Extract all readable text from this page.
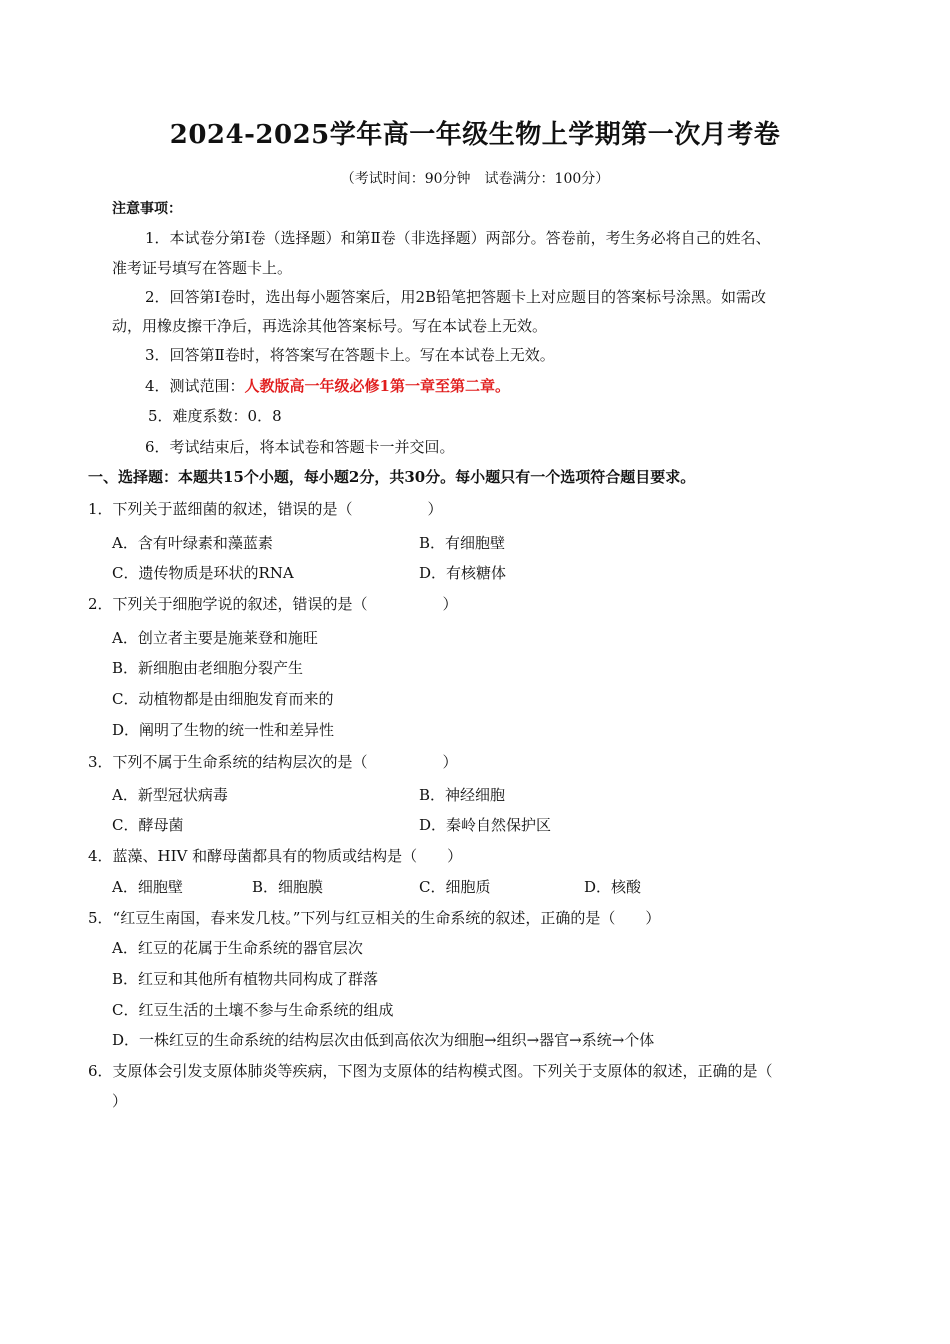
2024-2025学年高一年级生物上学期第一次月考卷
（考试时间：90分钟　试卷满分：100分）
注意事项：
1．本试卷分第Ⅰ卷（选择题）和第Ⅱ卷（非选择题）两部分。答卷前，考生务必将自己的姓名、
准考证号填写在答题卡上。
2．回答第Ⅰ卷时，选出每小题答案后，用2B铅笔把答题卡上对应题目的答案标号涂黑。如需改
动，用橡皮擦干净后，再选涂其他答案标号。写在本试卷上无效。
3．回答第Ⅱ卷时，将答案写在答题卡上。写在本试卷上无效。
4．测试范围：人教版高一年级必修1第一章至第二章。
5．难度系数：0．8
6．考试结束后，将本试卷和答题卡一并交回。
一、选择题：本题共15个小题，每小题2分，共30分。每小题只有一个选项符合题目要求。
1．下列关于蓝细菌的叙述，错误的是（　　　　　）
A．含有叶绿素和藻蓝素	B．有细胞壁
C．遗传物质是环状的RNA	D．有核糖体
2．下列关于细胞学说的叙述，错误的是（　　　　　）
A．创立者主要是施莱登和施旺
B．新细胞由老细胞分裂产生
C．动植物都是由细胞发育而来的
D．阐明了生物的统一性和差异性
3．下列不属于生命系统的结构层次的是（　　　　　）
A．新型冠状病毒	B．神经细胞
C．酵母菌	D．秦岭自然保护区
4．蓝藻、HIV 和酵母菌都具有的物质或结构是（　　）
A．细胞壁	B．细胞膜	C．细胞质	D．核酸
5．“红豆生南国，春来发几枝。”下列与红豆相关的生命系统的叙述，正确的是（　　）
A．红豆的花属于生命系统的器官层次
B．红豆和其他所有植物共同构成了群落
C．红豆生活的土壤不参与生命系统的组成
D．一株红豆的生命系统的结构层次由低到高依次为细胞→组织→器官→系统→个体
6．支原体会引发支原体肺炎等疾病，下图为支原体的结构模式图。下列关于支原体的叙述，正确的是（
）
